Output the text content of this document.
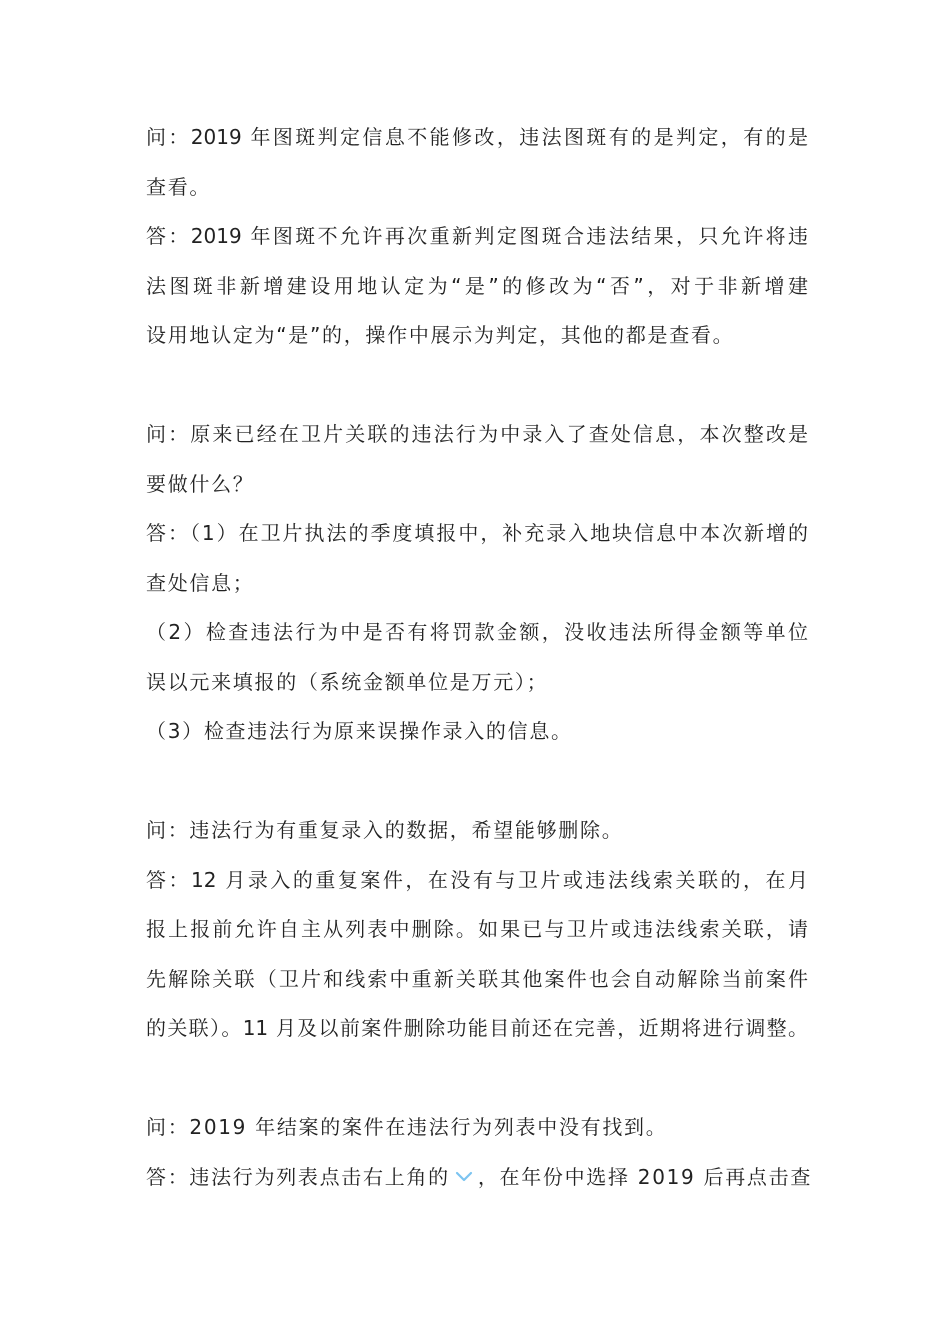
问：2019 年图斑判定信息不能修改，违法图斑有的是判定，有的是
查看。
答：2019 年图斑不允许再次重新判定图斑合违法结果，只允许将违
法图斑非新增建设用地认定为“是”的修改为“否”，对于非新增建
设用地认定为“是”的，操作中展示为判定，其他的都是查看。
问：原来已经在卫片关联的违法行为中录入了查处信息，本次整改是
要做什么？
答：（1）在卫片执法的季度填报中，补充录入地块信息中本次新增的
查处信息；
（2）检查违法行为中是否有将罚款金额，没收违法所得金额等单位
误以元来填报的（系统金额单位是万元）；
（3）检查违法行为原来误操作录入的信息。
问：违法行为有重复录入的数据，希望能够删除。
答：12 月录入的重复案件，在没有与卫片或违法线索关联的，在月
报上报前允许自主从列表中删除。如果已与卫片或违法线索关联，请
先解除关联（卫片和线索中重新关联其他案件也会自动解除当前案件
的关联）。11 月及以前案件删除功能目前还在完善，近期将进行调整。
问：2019 年结案的案件在违法行为列表中没有找到。
答：违法行为列表点击右上角的 ，在年份中选择 2019 后再点击查
